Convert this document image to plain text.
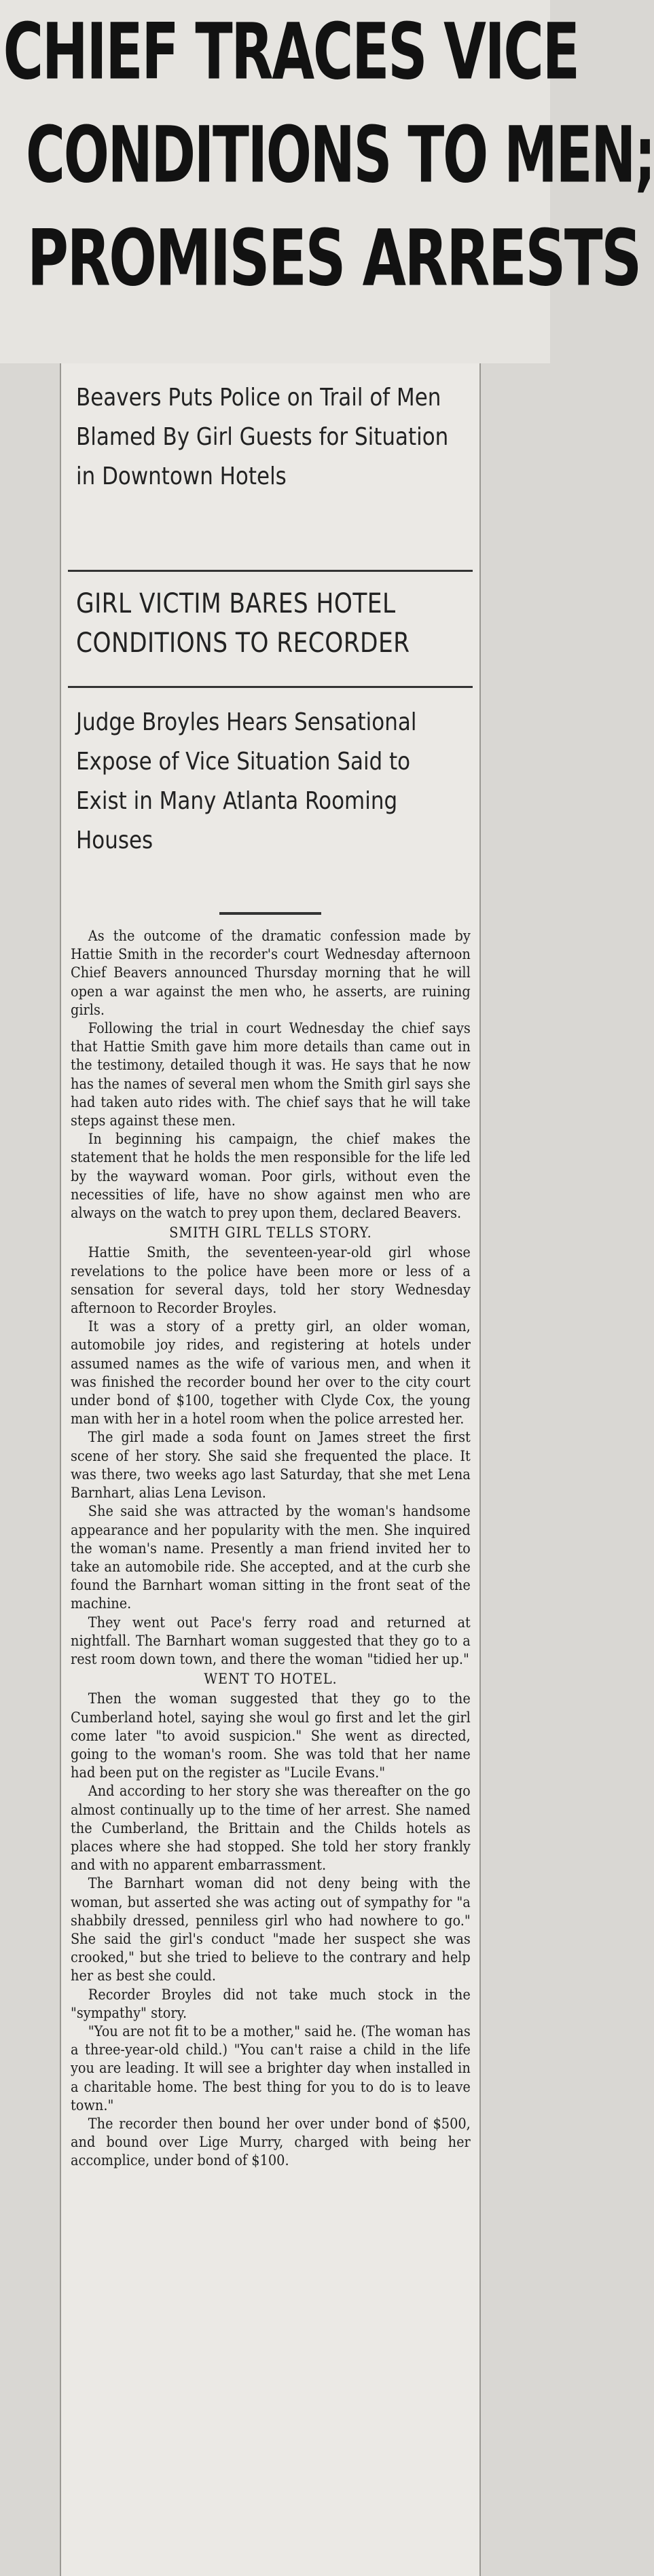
CHIEF TRACES VICE
CONDITIONS TO MEN;
PROMISES ARRESTS
Beavers Puts Police on Trail of Men Blamed By Girl Guests for Situation in Downtown Hotels
GIRL VICTIM BARES HOTEL CONDITIONS TO RECORDER
Judge Broyles Hears Sensational Expose of Vice Situation Said to Exist in Many Atlanta Rooming Houses

As the outcome of the dramatic confession made by Hattie Smith in the recorder's court Wednesday afternoon Chief Beavers announced Thursday morning that he will open a war against the men who, he asserts, are ruining girls.

Following the trial in court Wednesday the chief says that Hattie Smith gave him more details than came out in the testimony, detailed though it was. He says that he now has the names of several men whom the Smith girl says she had taken auto rides with. The chief says that he will take steps against these men.

In beginning his campaign, the chief makes the statement that he holds the men responsible for the life led by the wayward woman. Poor girls, without even the necessities of life, have no show against men who are always on the watch to prey upon them, declared Beavers.

SMITH GIRL TELLS STORY.

Hattie Smith, the seventeen-year-old girl whose revelations to the police have been more or less of a sensation for several days, told her story Wednesday afternoon to Recorder Broyles.

It was a story of a pretty girl, an older woman, automobile joy rides, and registering at hotels under assumed names as the wife of various men, and when it was finished the recorder bound her over to the city court under bond of $100, together with Clyde Cox, the young man with her in a hotel room when the police arrested her.

The girl made a soda fount on James street the first scene of her story. She said she frequented the place. It was there, two weeks ago last Saturday, that she met Lena Barnhart, alias Lena Levison.

She said she was attracted by the woman's handsome appearance and her popularity with the men. She inquired the woman's name. Presently a man friend invited her to take an automobile ride. She accepted, and at the curb she found the Barnhart woman sitting in the front seat of the machine.

They went out Pace's ferry road and returned at nightfall. The Barnhart woman suggested that they go to a rest room down town, and there the woman "tidied her up."

WENT TO HOTEL.

Then the woman suggested that they go to the Cumberland hotel, saying she woul go first and let the girl come later "to avoid suspicion." She went as directed, going to the woman's room. She was told that her name had been put on the register as "Lucile Evans."

And according to her story she was thereafter on the go almost continually up to the time of her arrest. She named the Cumberland, the Brittain and the Childs hotels as places where she had stopped. She told her story frankly and with no apparent embarrassment.

The Barnhart woman did not deny being with the woman, but asserted she was acting out of sympathy for "a shabbily dressed, penniless girl who had nowhere to go." She said the girl's conduct "made her suspect she was crooked," but she tried to believe to the contrary and help her as best she could.

Recorder Broyles did not take much stock in the "sympathy" story.

"You are not fit to be a mother," said he. (The woman has a three-year-old child.) "You can't raise a child in the life you are leading. It will see a brighter day when installed in a charitable home. The best thing for you to do is to leave town."

The recorder then bound her over under bond of $500, and bound over Lige Murry, charged with being her accomplice, under bond of $100.
